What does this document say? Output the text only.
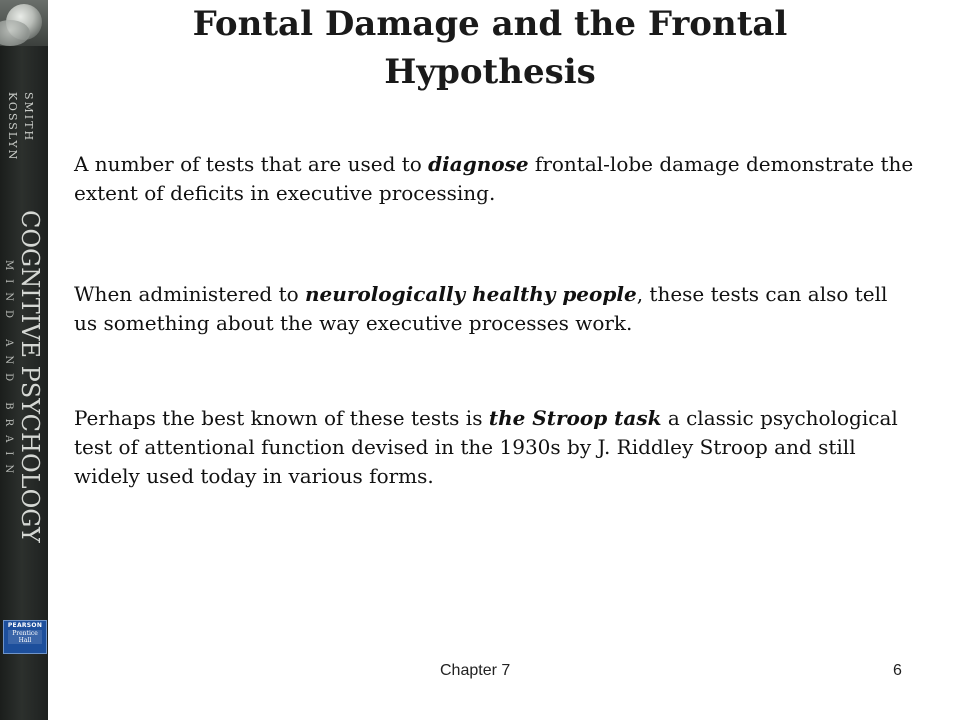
SMITH
KOSSLYN
COGNITIVE PSYCHOLOGY
MIND AND BRAIN
PEARSON
Prentice Hall
Fontal Damage and the Frontal Hypothesis

A number of tests that are used to diagnose frontal-lobe damage demonstrate the extent of deficits in executive processing.

When administered to neurologically healthy people, these tests can also tell us something about the way executive processes work.

Perhaps the best known of these tests is the Stroop task a classic psychological test of attentional function devised in the 1930s by J. Riddley Stroop and still widely used today in various forms.

Chapter 7	6
